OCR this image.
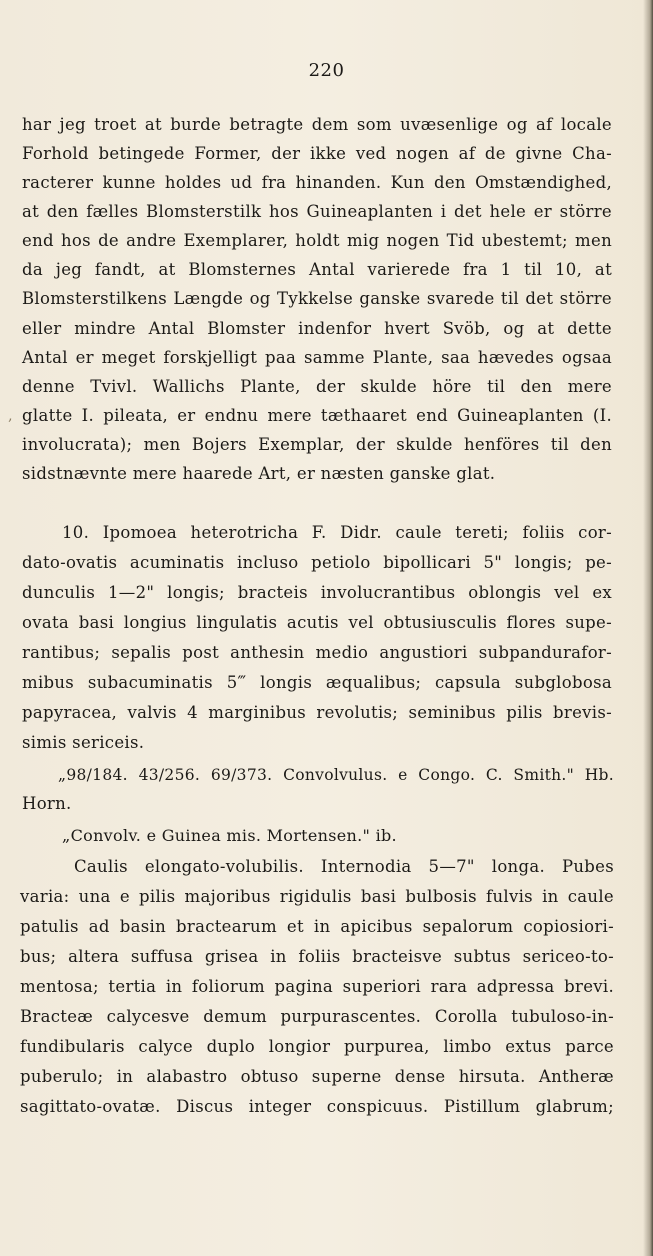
220
‚
har jeg troet at burde betragte dem som uvæsenlige og af locale
Forhold betingede Former, der ikke ved nogen af de givne Cha-
racterer kunne holdes ud fra hinanden. Kun den Omstændighed,
at den fælles Blomsterstilk hos Guineaplanten i det hele er större
end hos de andre Exemplarer, holdt mig nogen Tid ubestemt; men
da jeg fandt, at Blomsternes Antal varierede fra 1 til 10, at
Blomsterstilkens Længde og Tykkelse ganske svarede til det större
eller mindre Antal Blomster indenfor hvert Svöb, og at dette
Antal er meget forskjelligt paa samme Plante, saa hævedes ogsaa
denne Tvivl. Wallichs Plante, der skulde höre til den mere
glatte I. pileata, er endnu mere tæthaaret end Guineaplanten (I.
involucrata); men Bojers Exemplar, der skulde henföres til den
sidstnævnte mere haarede Art, er næsten ganske glat.
10. Ipomoea heterotricha F. Didr. caule tereti; foliis cor-
dato-ovatis acuminatis incluso petiolo bipollicari 5" longis; pe-
dunculis 1—2" longis; bracteis involucrantibus oblongis vel ex
ovata basi longius lingulatis acutis vel obtusiusculis flores supe-
rantibus; sepalis post anthesin medio angustiori subpandurafor-
mibus subacuminatis 5‴ longis æqualibus; capsula subglobosa
papyracea, valvis 4 marginibus revolutis; seminibus pilis brevis-
simis sericeis.
„98/184. 43/256. 69/373. Convolvulus. e Congo. C. Smith." Hb.
Horn.
„Convolv. e Guinea mis. Mortensen." ib.
Caulis elongato-volubilis. Internodia 5—7" longa. Pubes
varia: una e pilis majoribus rigidulis basi bulbosis fulvis in caule
patulis ad basin bractearum et in apicibus sepalorum copiosiori-
bus; altera suffusa grisea in foliis bracteisve subtus sericeo-to-
mentosa; tertia in foliorum pagina superiori rara adpressa brevi.
Bracteæ calycesve demum purpurascentes. Corolla tubuloso-in-
fundibularis calyce duplo longior purpurea, limbo extus parce
puberulo; in alabastro obtuso superne dense hirsuta. Antheræ
sagittato-ovatæ. Discus integer conspicuus. Pistillum glabrum;
